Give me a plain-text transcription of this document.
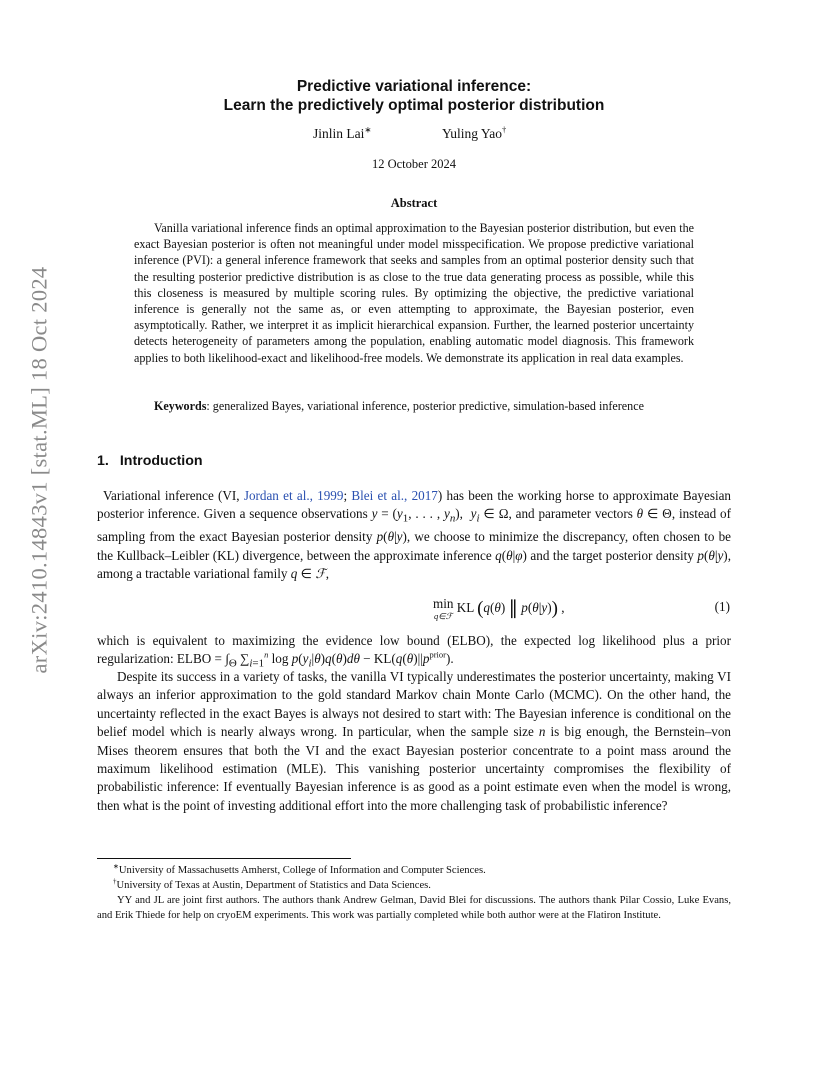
arXiv:2410.14843v1 [stat.ML] 18 Oct 2024
Predictive variational inference:
Learn the predictively optimal posterior distribution
Jinlin Lai∗	Yuling Yao†
12 October 2024
Abstract

Vanilla variational inference finds an optimal approximation to the Bayesian posterior distribution, but even the exact Bayesian posterior is often not meaningful under model misspecification. We propose predictive variational inference (PVI): a general inference framework that seeks and samples from an optimal posterior density such that the resulting posterior predictive distribution is as close to the true data generating process as possible, while this this closeness is measured by multiple scoring rules. By optimizing the objective, the predictive variational inference is generally not the same as, or even attempting to approximate, the Bayesian posterior, even asymptotically. Rather, we interpret it as implicit hierarchical expansion. Further, the learned posterior uncertainty detects heterogeneity of parameters among the population, enabling automatic model diagnosis. This framework applies to both likelihood-exact and likelihood-free models. We demonstrate its application in real data examples.

Keywords: generalized Bayes, variational inference, posterior predictive, simulation-based inference

1. Introduction

Variational inference (VI, Jordan et al., 1999; Blei et al., 2017) has been the working horse to approximate Bayesian posterior inference. Given a sequence observations $y = (y_1$, . . . , $y_n$),  $y_i$ ∈ Ω, and parameter vectors θ ∈ Θ, instead of sampling from the exact Bayesian posterior density p(θ|y), we choose to minimize the discrepancy, often chosen to be the Kullback–Leibler (KL) divergence, between the approximate inference q(θ|φ) and the target posterior density p(θ|y), among a tractable variational family q ∈ ℱ,

min
q∈ℱ
KL (q(θ) ∥ p(θ|y)) ,	(1)

which is equivalent to maximizing the evidence low bound (ELBO), the expected log likelihood plus a prior regularization: ELBO = $\int_\Theta$ $\sum_{i=1}^n$ $\log p(y_i|\theta)q(\theta)d\theta - KL(q(\theta)||p^{prior})$.

Despite its success in a variety of tasks, the vanilla VI typically underestimates the posterior uncertainty, making VI always an inferior approximation to the gold standard Markov chain Monte Carlo (MCMC). On the other hand, the uncertainty reflected in the exact Bayes is always not desired to start with: The Bayesian inference is conditional on the belief model which is nearly always wrong. In particular, when the sample size n is big enough, the Bernstein–von Mises theorem ensures that both the VI and the exact Bayesian posterior concentrate to a point mass around the maximum likelihood estimation (MLE). This vanishing posterior uncertainty compromises the flexibility of probabilistic inference: If eventually Bayesian inference is as good as a point estimate even when the model is wrong, then what is the point of investing additional effort into the more challenging task of probabilistic inference?

∗University of Massachusetts Amherst, College of Information and Computer Sciences.

†University of Texas at Austin, Department of Statistics and Data Sciences.

YY and JL are joint first authors. The authors thank Andrew Gelman, David Blei for discussions. The authors thank Pilar Cossio, Luke Evans, and Erik Thiede for help on cryoEM experiments. This work was partially completed while both author were at the Flatiron Institute.
